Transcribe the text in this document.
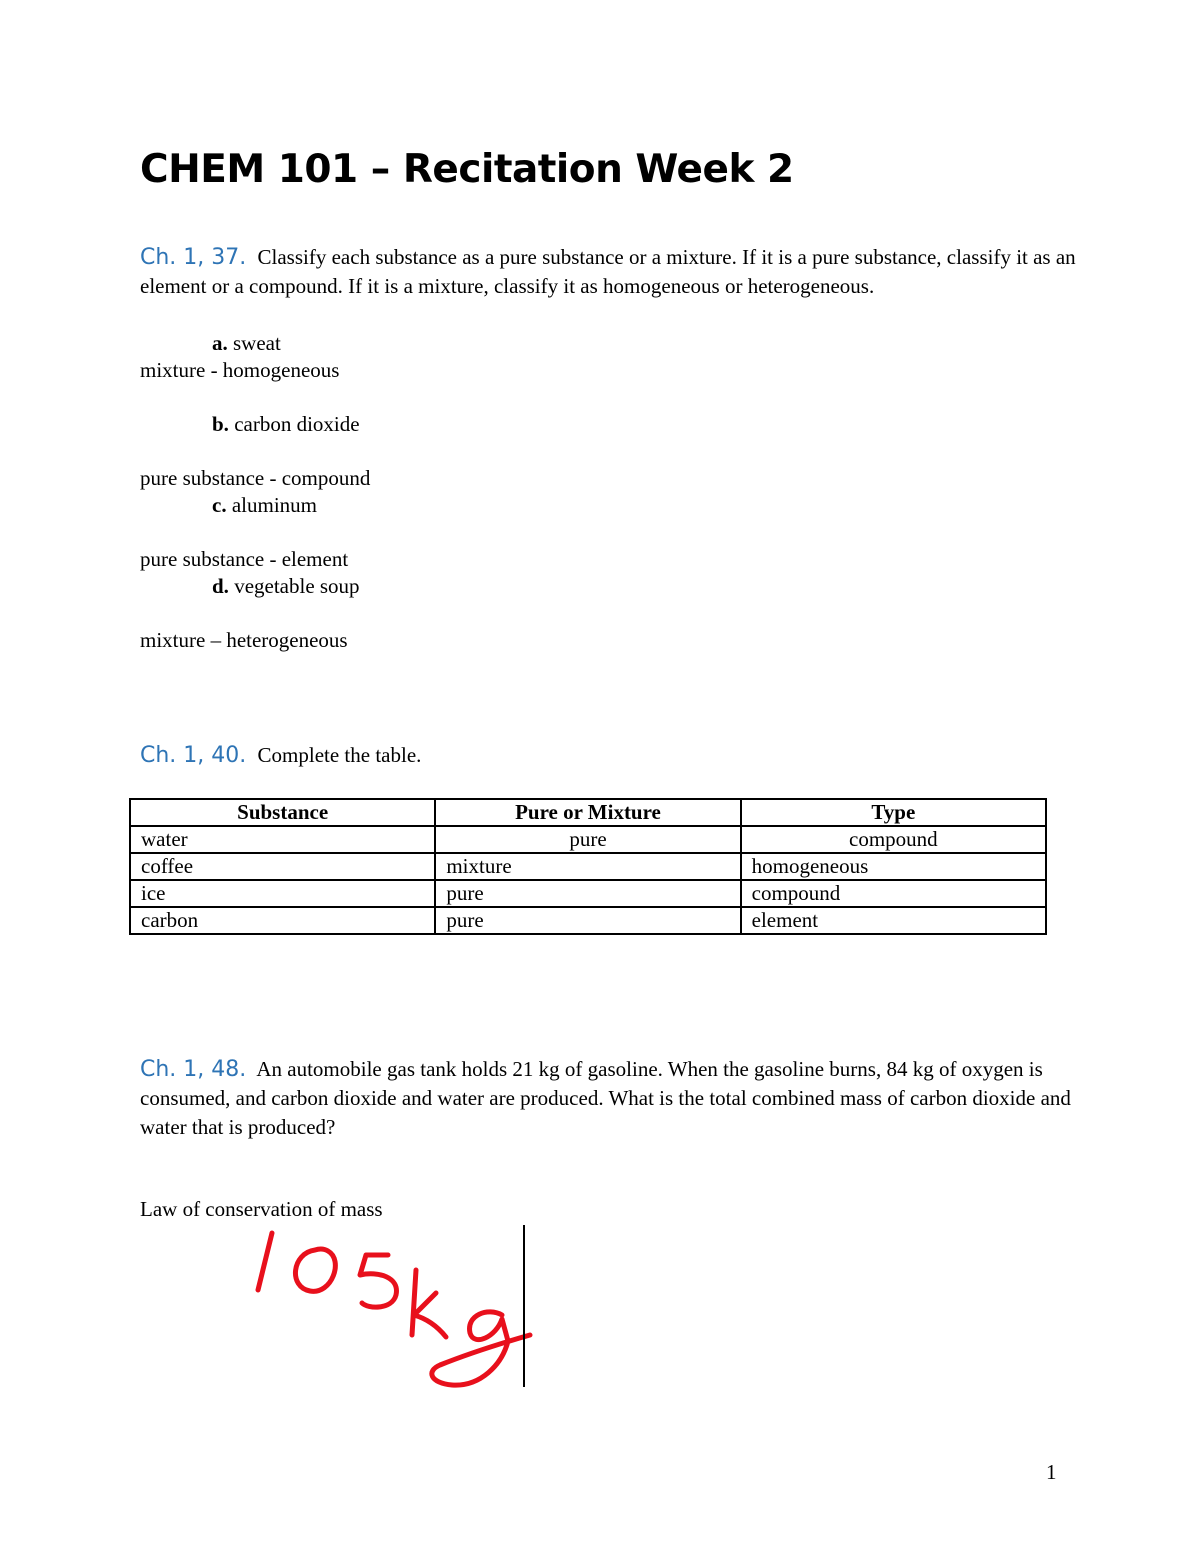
CHEM 101 – Recitation Week 2

Ch. 1, 37. Classify each substance as a pure substance or a mixture. If it is a pure substance, classify it as an element or a compound. If it is a mixture, classify it as homogeneous or heterogeneous.

a. sweat

mixture - homogeneous

b. carbon dioxide

pure substance - compound

c. aluminum

pure substance - element

d. vegetable soup

mixture – heterogeneous

Ch. 1, 40. Complete the table.

Substance	Pure or Mixture	Type
water	pure	compound
coffee	mixture	homogeneous
ice	pure	compound
carbon	pure	element

Ch. 1, 48. An automobile gas tank holds 21 kg of gasoline. When the gasoline burns, 84 kg of oxygen is consumed, and carbon dioxide and water are produced. What is the total combined mass of carbon dioxide and water that is produced?

Law of conservation of mass

1
